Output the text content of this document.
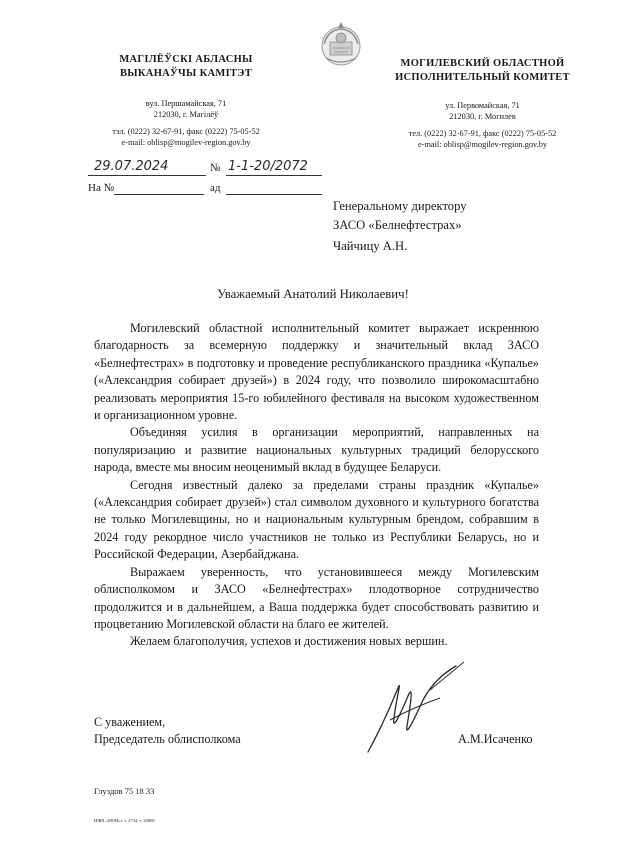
МАГІЛЁЎСКІ АБЛАСНЫ
ВЫКАНАЎЧЫ КАМІТЭТ
вул. Першамайская, 71
212030, г. Магілёў
тэл. (0222) 32-67-91, факс (0222) 75-05-52
e-mail: oblisp@mogilev-region.gov.by
МОГИЛЕВСКИЙ ОБЛАСТНОЙ
ИСПОЛНИТЕЛЬНЫЙ КОМИТЕТ
ул. Первомайская, 71
212030, г. Могилев
тел. (0222) 32-67-91, факс (0222) 75-05-52
e-mail: oblisp@mogilev-region.gov.by
29.07.2024	№ 1-1-20/2072
На №	ад
Генеральному директору
ЗАСО «Белнефтестрах»
Чайчицу А.Н.
Уважаемый Анатолий Николаевич!

Могилевский областной исполнительный комитет выражает искреннюю благодарность за всемерную поддержку и значительный вклад ЗАСО «Белнефтестрах» в подготовку и проведение республиканского праздника «Купалье» («Александрия собирает друзей») в 2024 году, что позволило широкомасштабно реализовать мероприятия 15-го юбилейного фестиваля на высоком художественном и организационном уровне.

Объединяя усилия в организации мероприятий, направленных на популяризацию и развитие национальных культурных традиций белорусского народа, вместе мы вносим неоценимый вклад в будущее Беларуси.

Сегодня известный далеко за пределами страны праздник «Купалье» («Александрия собирает друзей») стал символом духовного и культурного богатства не только Могилевщины, но и национальным культурным брендом, собравшим в 2024 году рекордное число участников не только из Республики Беларусь, но и Российской Федерации, Азербайджана.

Выражаем уверенность, что установившееся между Могилевским облисполкомом и ЗАСО «Белнефтестрах» плодотворное сотрудничество продолжится и в дальнейшем, а Ваша поддержка будет способствовать развитию и процветанию Могилевской области на благо ее жителей.

Желаем благополучия, успехов и достижения новых вершин.

С уважением,
Председатель облисполкома	А.М.Исаченко
Глуздов 75 18 33
ИЖП «МОН»г. з. 2734, т. 20000
